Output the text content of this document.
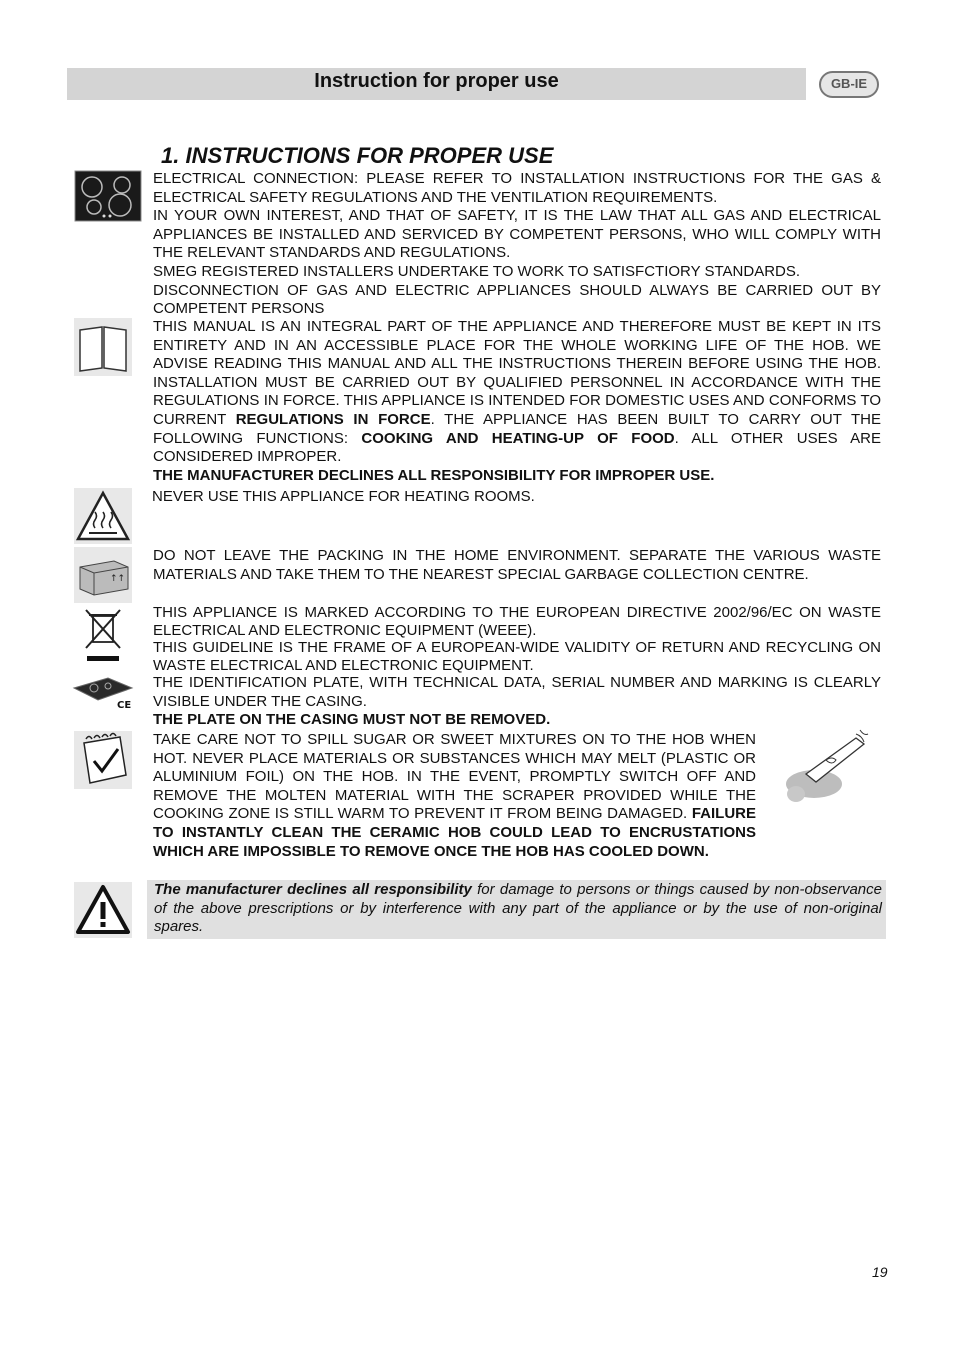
Instruction for proper use	GB-IE
1. INSTRUCTIONS FOR PROPER USE

ELECTRICAL CONNECTION: PLEASE REFER TO INSTALLATION INSTRUCTIONS FOR THE GAS & ELECTRICAL SAFETY REGULATIONS AND THE VENTILATION REQUIREMENTS.

IN YOUR OWN INTEREST, AND THAT OF SAFETY, IT IS THE LAW THAT ALL GAS AND ELECTRICAL APPLIANCES BE INSTALLED AND SERVICED BY COMPETENT PERSONS, WHO WILL COMPLY WITH THE RELEVANT STANDARDS AND REGULATIONS.

SMEG REGISTERED INSTALLERS UNDERTAKE TO WORK TO SATISFCTIORY STANDARDS.

DISCONNECTION OF GAS AND ELECTRIC APPLIANCES SHOULD ALWAYS BE CARRIED OUT BY COMPETENT PERSONS

THIS MANUAL IS AN INTEGRAL PART OF THE APPLIANCE AND THEREFORE MUST BE KEPT IN ITS ENTIRETY AND IN AN ACCESSIBLE PLACE FOR THE WHOLE WORKING LIFE OF THE HOB. WE ADVISE READING THIS MANUAL AND ALL THE INSTRUCTIONS THEREIN BEFORE USING THE HOB. INSTALLATION MUST BE CARRIED OUT BY QUALIFIED PERSONNEL IN ACCORDANCE WITH THE REGULATIONS IN FORCE. THIS APPLIANCE IS INTENDED FOR DOMESTIC USES AND CONFORMS TO CURRENT REGULATIONS IN FORCE. THE APPLIANCE HAS BEEN BUILT TO CARRY OUT THE FOLLOWING FUNCTIONS: COOKING AND HEATING-UP OF FOOD. ALL OTHER USES ARE CONSIDERED IMPROPER.

THE MANUFACTURER DECLINES ALL RESPONSIBILITY FOR IMPROPER USE.

NEVER USE THIS APPLIANCE FOR HEATING ROOMS.
↑↑
DO NOT LEAVE THE PACKING IN THE HOME ENVIRONMENT. SEPARATE THE VARIOUS WASTE MATERIALS AND TAKE THEM TO THE NEAREST SPECIAL GARBAGE COLLECTION CENTRE.

THIS APPLIANCE IS MARKED ACCORDING TO THE EUROPEAN DIRECTIVE 2002/96/EC ON WASTE ELECTRICAL AND ELECTRONIC EQUIPMENT (WEEE).

THIS GUIDELINE IS THE FRAME OF A EUROPEAN-WIDE VALIDITY OF RETURN AND RECYCLING ON WASTE ELECTRICAL AND ELECTRONIC EQUIPMENT.

CE

THE IDENTIFICATION PLATE, WITH TECHNICAL DATA, SERIAL NUMBER AND MARKING IS CLEARLY VISIBLE UNDER THE CASING.

THE PLATE ON THE CASING MUST NOT BE REMOVED.

TAKE CARE NOT TO SPILL SUGAR OR SWEET MIXTURES ON TO THE HOB WHEN HOT. NEVER PLACE MATERIALS OR SUBSTANCES WHICH MAY MELT (PLASTIC OR ALUMINIUM FOIL) ON THE HOB. IN THE EVENT, PROMPTLY SWITCH OFF AND REMOVE THE MOLTEN MATERIAL WITH THE SCRAPER PROVIDED WHILE THE COOKING ZONE IS STILL WARM TO PREVENT IT FROM BEING DAMAGED. FAILURE TO INSTANTLY CLEAN THE CERAMIC HOB COULD LEAD TO ENCRUSTATIONS WHICH ARE IMPOSSIBLE TO REMOVE ONCE THE HOB HAS COOLED DOWN.

The manufacturer declines all responsibility for damage to persons or things caused by non-observance of the above prescriptions or by interference with any part of the appliance or by the use of non-original spares.
19
